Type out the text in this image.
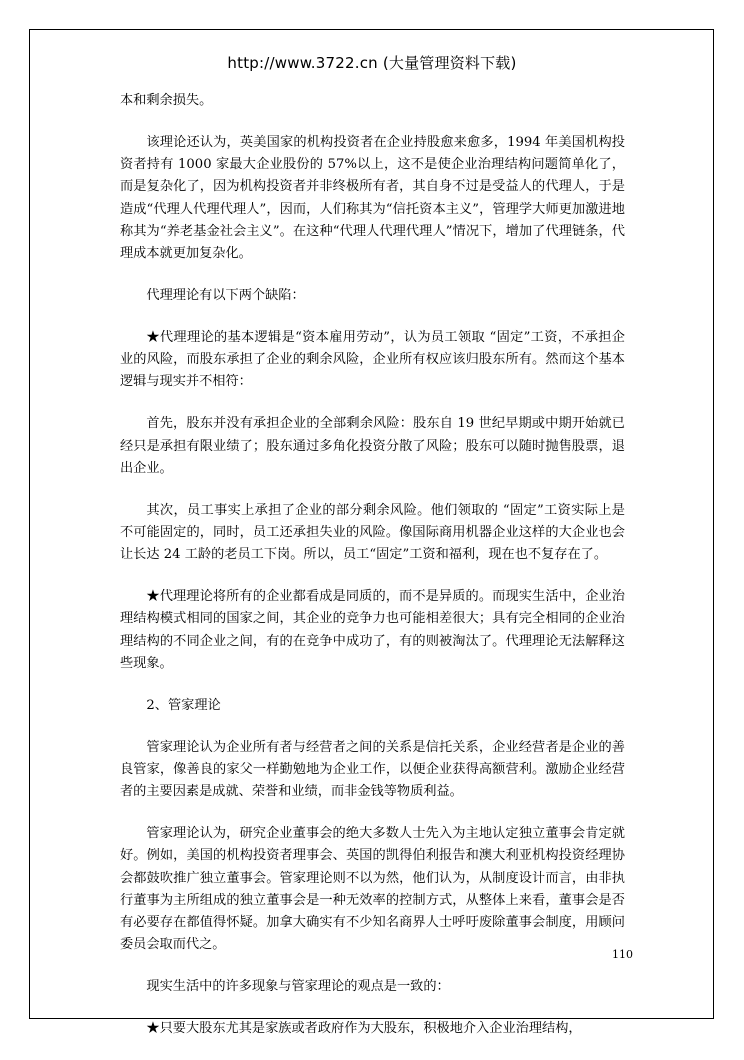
http://www.3722.cn (大量管理资料下载)

本和剩余损失。

该理论还认为，英美国家的机构投资者在企业持股愈来愈多，1994 年美国机构投资者持有 1000 家最大企业股份的 57%以上，这不是使企业治理结构问题简单化了，而是复杂化了，因为机构投资者并非终极所有者，其自身不过是受益人的代理人，于是造成“代理人代理代理人”，因而，人们称其为“信托资本主义”，管理学大师更加激进地称其为“养老基金社会主义”。在这种“代理人代理代理人”情况下，增加了代理链条，代理成本就更加复杂化。

代理理论有以下两个缺陷：

★代理理论的基本逻辑是“资本雇用劳动”，认为员工领取 “固定”工资，不承担企业的风险，而股东承担了企业的剩余风险，企业所有权应该归股东所有。然而这个基本逻辑与现实并不相符：

首先，股东并没有承担企业的全部剩余风险：股东自 19 世纪早期或中期开始就已经只是承担有限业绩了；股东通过多角化投资分散了风险；股东可以随时抛售股票，退出企业。

其次，员工事实上承担了企业的部分剩余风险。他们领取的 “固定”工资实际上是不可能固定的，同时，员工还承担失业的风险。像国际商用机器企业这样的大企业也会让长达 24 工龄的老员工下岗。所以，员工“固定”工资和福利，现在也不复存在了。

★代理理论将所有的企业都看成是同质的，而不是异质的。而现实生活中，企业治理结构模式相同的国家之间，其企业的竞争力也可能相差很大；具有完全相同的企业治理结构的不同企业之间，有的在竞争中成功了，有的则被淘汰了。代理理论无法解释这些现象。

2、管家理论

管家理论认为企业所有者与经营者之间的关系是信托关系，企业经营者是企业的善良管家，像善良的家父一样勤勉地为企业工作，以便企业获得高额营利。激励企业经营者的主要因素是成就、荣誉和业绩，而非金钱等物质利益。

管家理论认为，研究企业董事会的绝大多数人士先入为主地认定独立董事会肯定就好。例如，美国的机构投资者理事会、英国的凯得伯利报告和澳大利亚机构投资经理协会都鼓吹推广独立董事会。管家理论则不以为然，他们认为，从制度设计而言，由非执行董事为主所组成的独立董事会是一种无效率的控制方式，从整体上来看，董事会是否有必要存在都值得怀疑。加拿大确实有不少知名商界人士呼吁废除董事会制度，用顾问委员会取而代之。

现实生活中的许多现象与管家理论的观点是一致的：

★只要大股东尤其是家族或者政府作为大股东，积极地介入企业治理结构，

110
